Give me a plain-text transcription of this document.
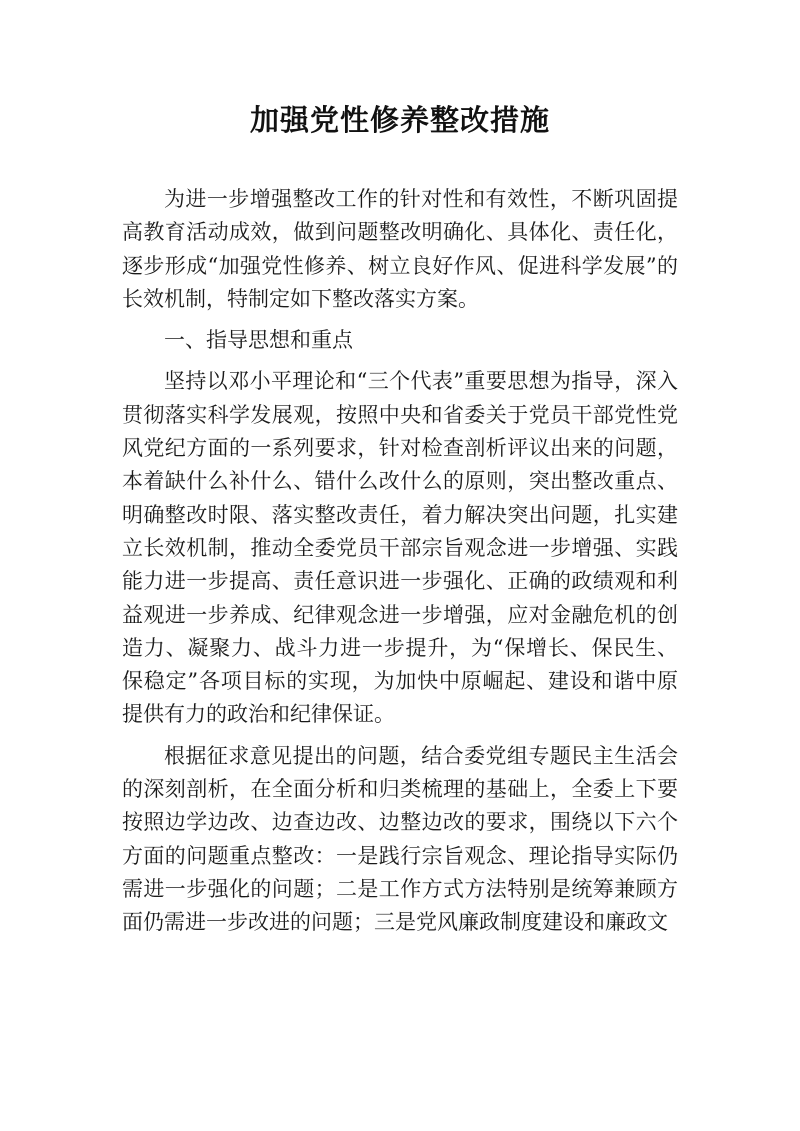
加强党性修养整改措施

为进一步增强整改工作的针对性和有效性，不断巩固提高教育活动成效，做到问题整改明确化、具体化、责任化，逐步形成“加强党性修养、树立良好作风、促进科学发展”的长效机制，特制定如下整改落实方案。

一、指导思想和重点

坚持以邓小平理论和“三个代表”重要思想为指导，深入贯彻落实科学发展观，按照中央和省委关于党员干部党性党风党纪方面的一系列要求，针对检查剖析评议出来的问题，本着缺什么补什么、错什么改什么的原则，突出整改重点、明确整改时限、落实整改责任，着力解决突出问题，扎实建立长效机制，推动全委党员干部宗旨观念进一步增强、实践能力进一步提高、责任意识进一步强化、正确的政绩观和利益观进一步养成、纪律观念进一步增强，应对金融危机的创造力、凝聚力、战斗力进一步提升，为“保增长、保民生、保稳定”各项目标的实现，为加快中原崛起、建设和谐中原提供有力的政治和纪律保证。

根据征求意见提出的问题，结合委党组专题民主生活会的深刻剖析，在全面分析和归类梳理的基础上，全委上下要按照边学边改、边查边改、边整边改的要求，围绕以下六个方面的问题重点整改：一是践行宗旨观念、理论指导实际仍需进一步强化的问题；二是工作方式方法特别是统筹兼顾方面仍需进一步改进的问题；三是党风廉政制度建设和廉政文
